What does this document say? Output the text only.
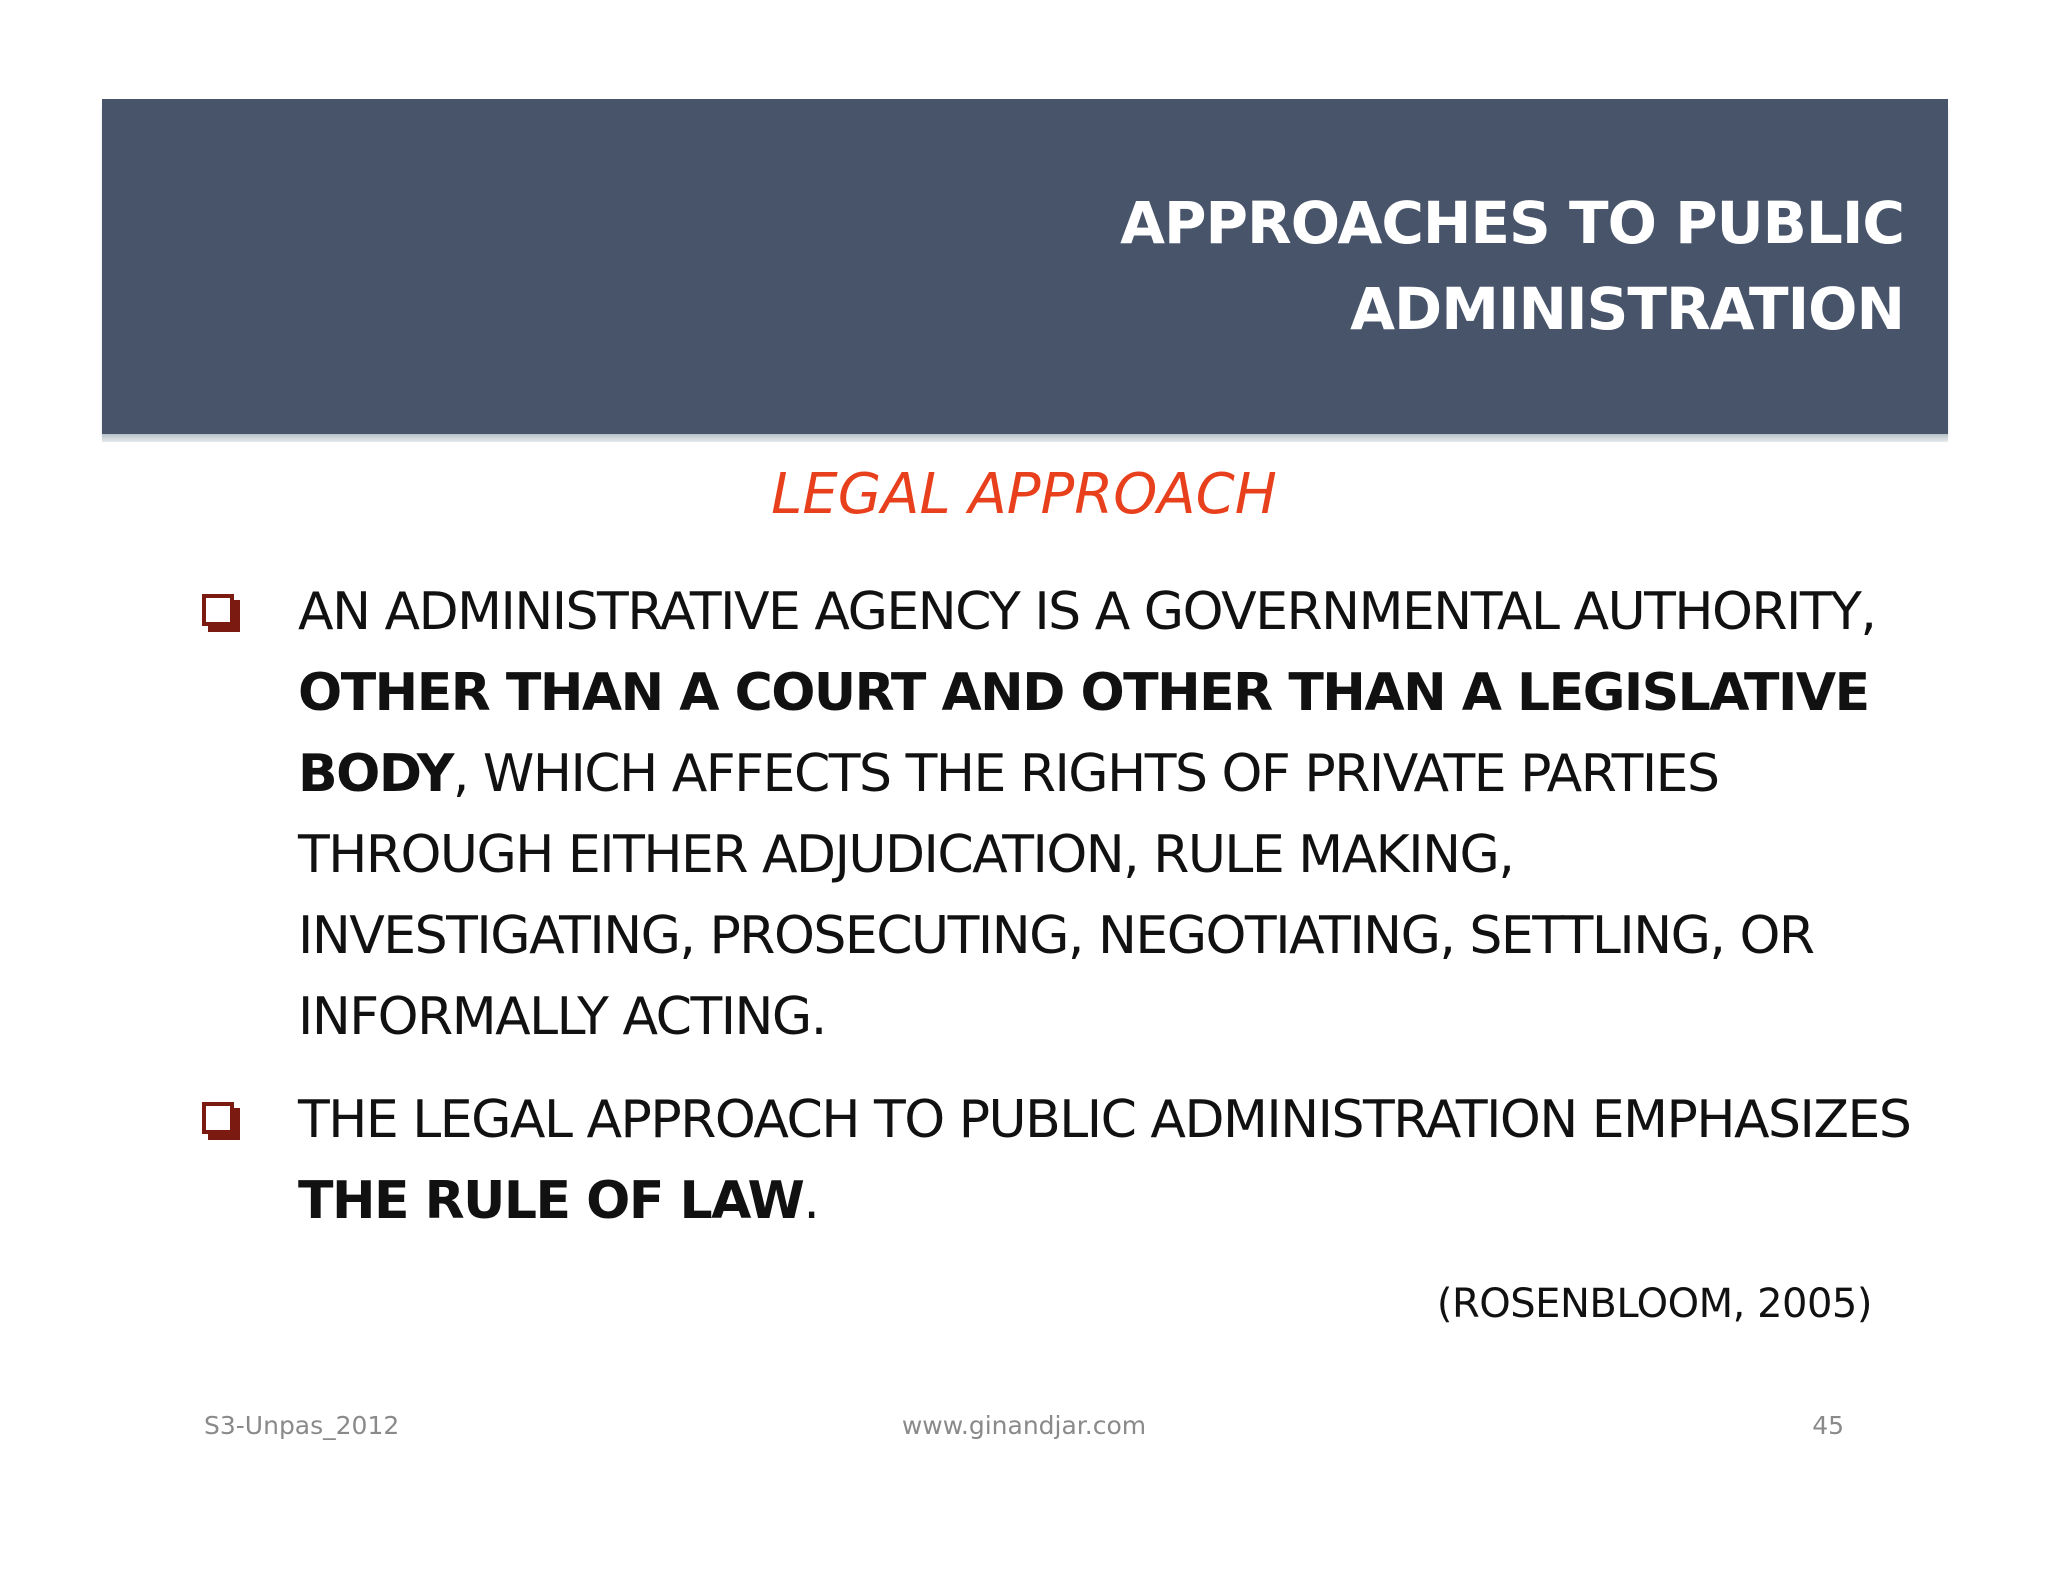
APPROACHES TO PUBLIC
ADMINISTRATION
LEGAL APPROACH
AN ADMINISTRATIVE AGENCY IS A GOVERNMENTAL AUTHORITY, OTHER THAN A COURT AND OTHER THAN A LEGISLATIVE BODY, WHICH AFFECTS THE RIGHTS OF PRIVATE PARTIES THROUGH EITHER ADJUDICATION, RULE MAKING, INVESTIGATING, PROSECUTING, NEGOTIATING, SETTLING, OR INFORMALLY ACTING.
THE LEGAL APPROACH TO PUBLIC ADMINISTRATION EMPHASIZES THE RULE OF LAW.
(ROSENBLOOM, 2005)
S3-Unpas_2012	www.ginandjar.com	45
